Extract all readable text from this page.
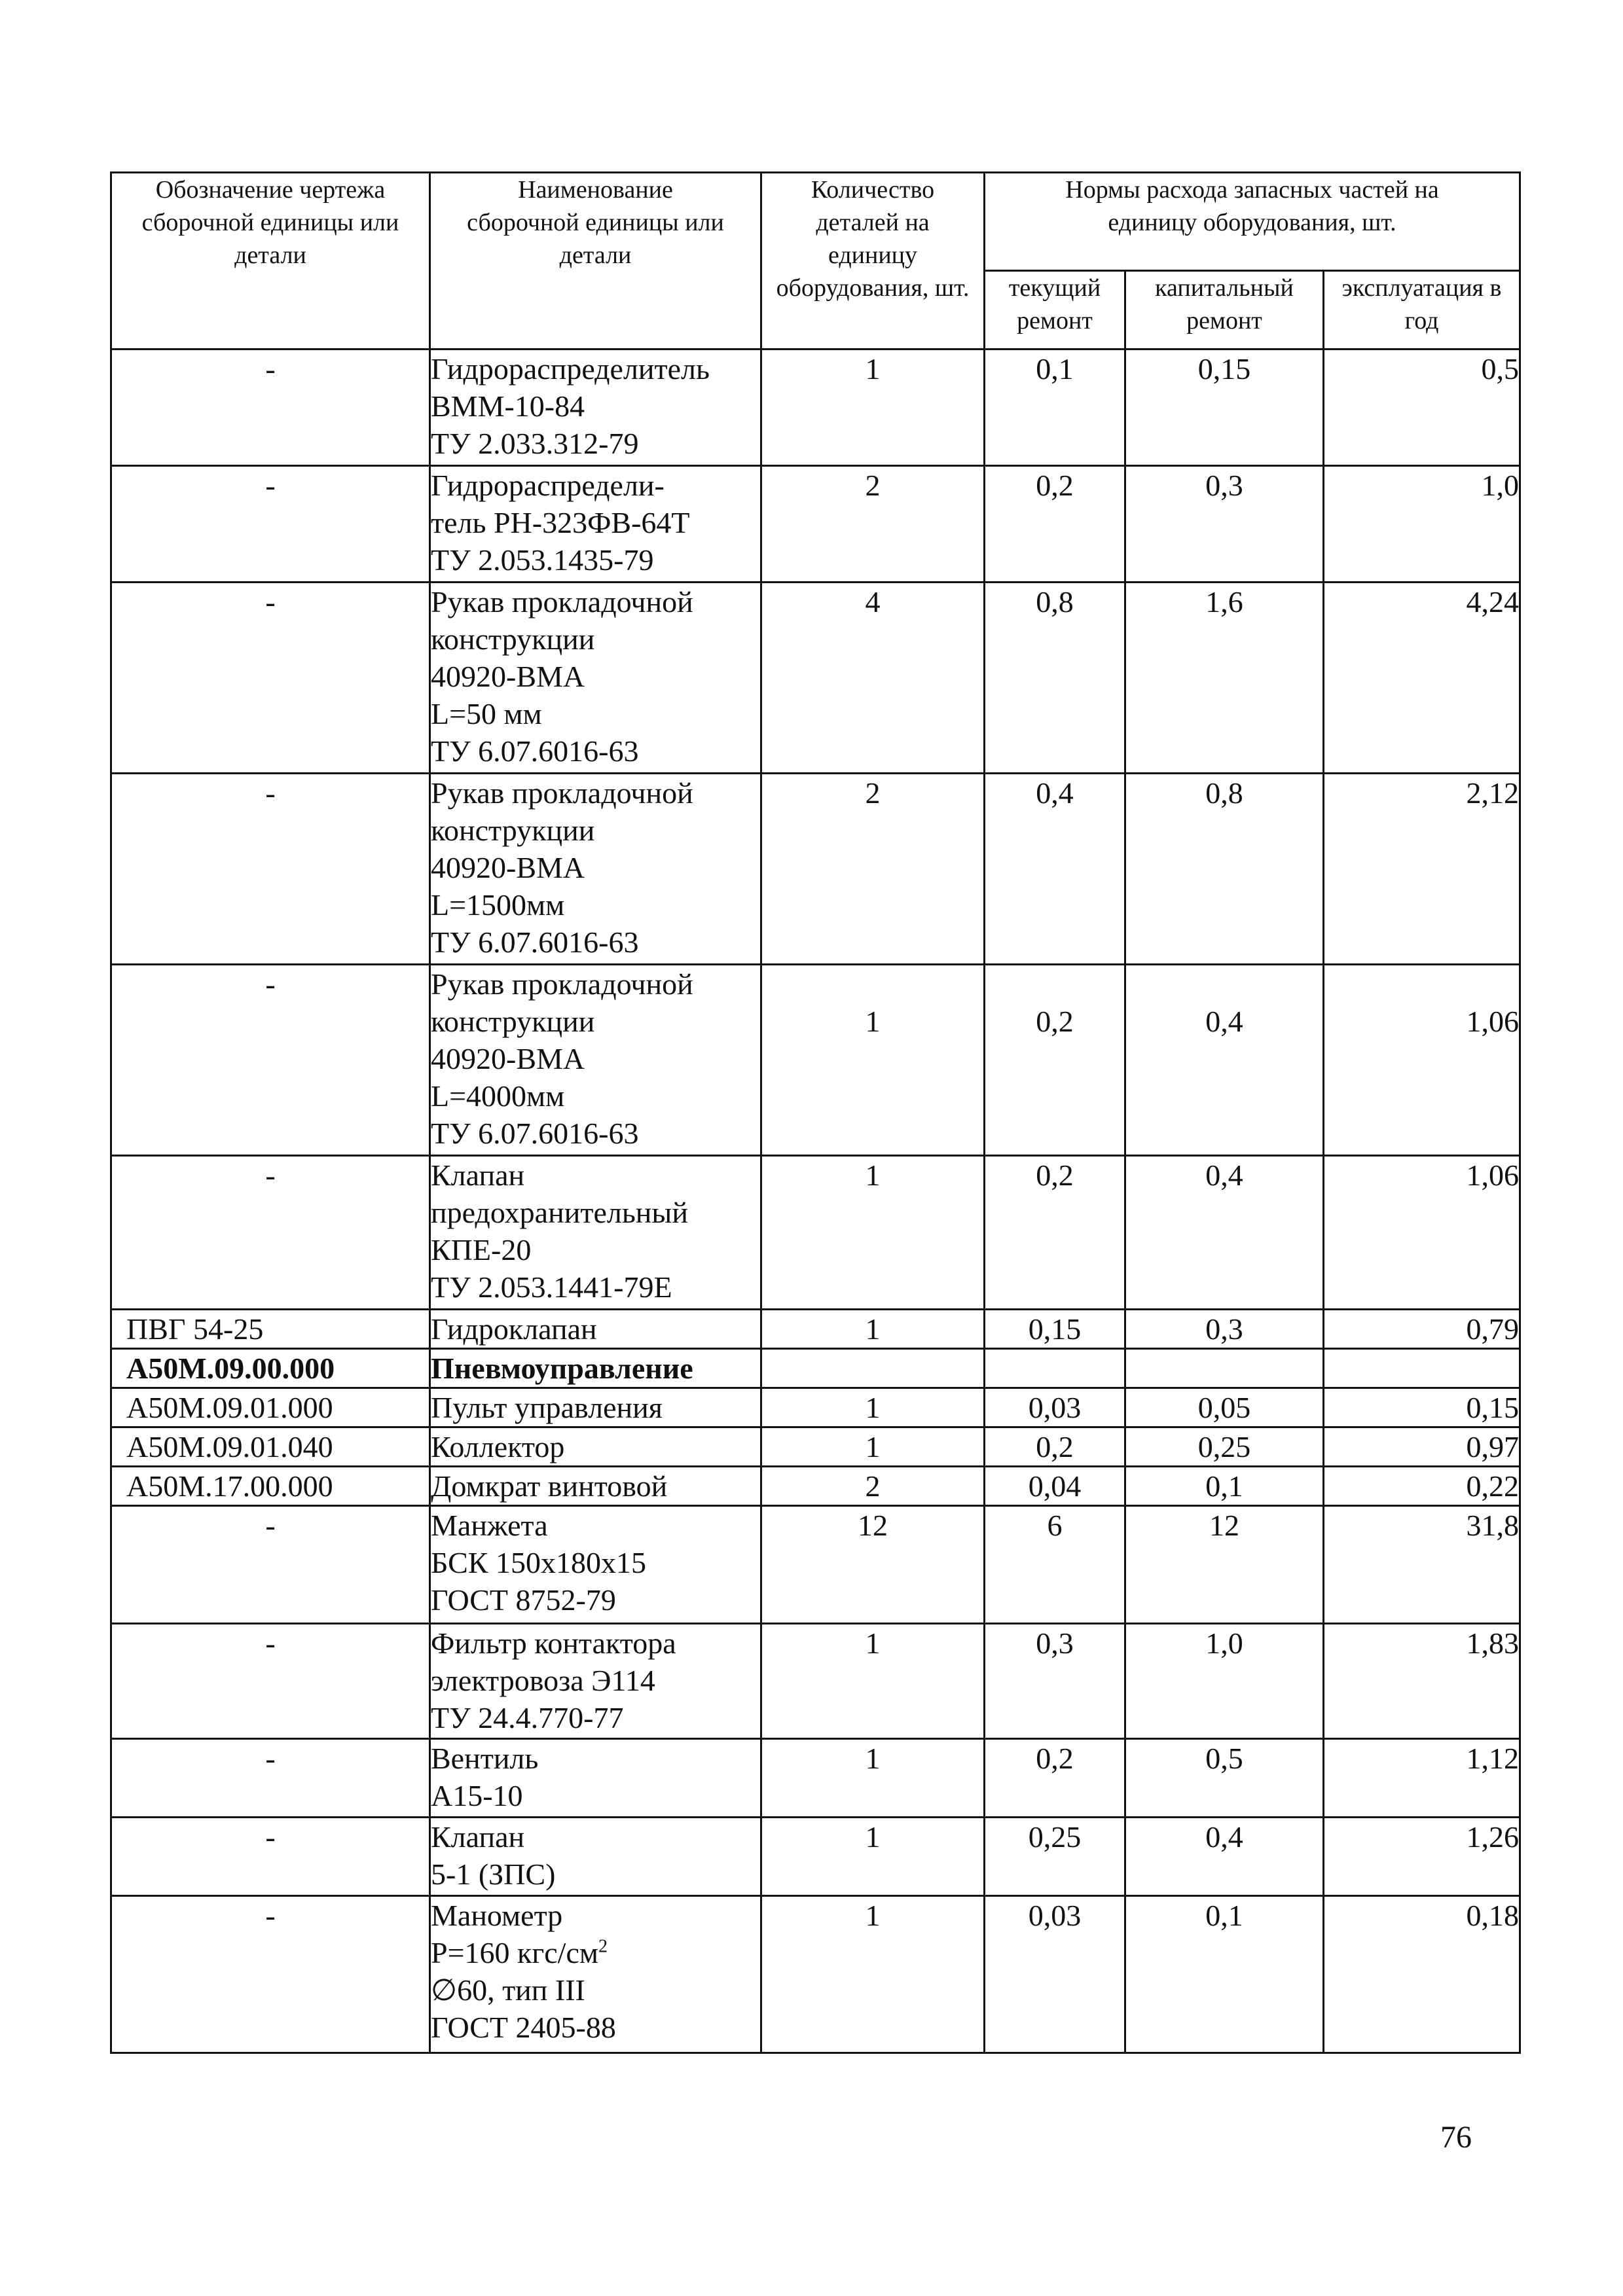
Обозначение чертежа сборочной единицы или детали	Наименование сборочной единицы или детали	Количество деталей на единицу оборудования, шт.	Нормы расхода запасных частей на единицу оборудования, шт.		
			текущий ремонт	капитальный ремонт	эксплуатация в год
-	Гидрораспределитель
ВММ-10-84
ТУ 2.033.312-79	1	0,1	0,15	0,5
-	Гидрораспредели-
тель РН-323ФВ-64Т
ТУ 2.053.1435-79	2	0,2	0,3	1,0
-	Рукав прокладочной
конструкции
40920-ВМА
L=50 мм
ТУ 6.07.6016-63	4	0,8	1,6	4,24
-	Рукав прокладочной
конструкции
40920-ВМА
L=1500мм
ТУ 6.07.6016-63	2	0,4	0,8	2,12
-	Рукав прокладочной
конструкции
40920-ВМА
L=4000мм
ТУ 6.07.6016-63	1	0,2	0,4	1,06
-	Клапан
предохранительный
КПЕ-20
ТУ 2.053.1441-79Е	1	0,2	0,4	1,06
ПВГ 54-25	Гидроклапан	1	0,15	0,3	0,79
А50М.09.00.000	Пневмоуправление				

А50М.09.01.000	Пульт управления	1	0,03	0,05	0,15
А50М.09.01.040	Коллектор	1	0,2	0,25	0,97
А50М.17.00.000	Домкрат винтовой	2	0,04	0,1	0,22
-	Манжета
БСК 150х180х15
ГОСТ 8752-79	12	6	12	31,8
-	Фильтр контактора
электровоза Э114
ТУ 24.4.770-77	1	0,3	1,0	1,83
-	Вентиль
А15-10	1	0,2	0,5	1,12
-	Клапан
5-1 (ЗПС)	1	0,25	0,4	1,26
-	Манометр
Р=160 кгс/$см^2$
∅60, тип III
ГОСТ 2405-88	1	0,03	0,1	0,18
76
